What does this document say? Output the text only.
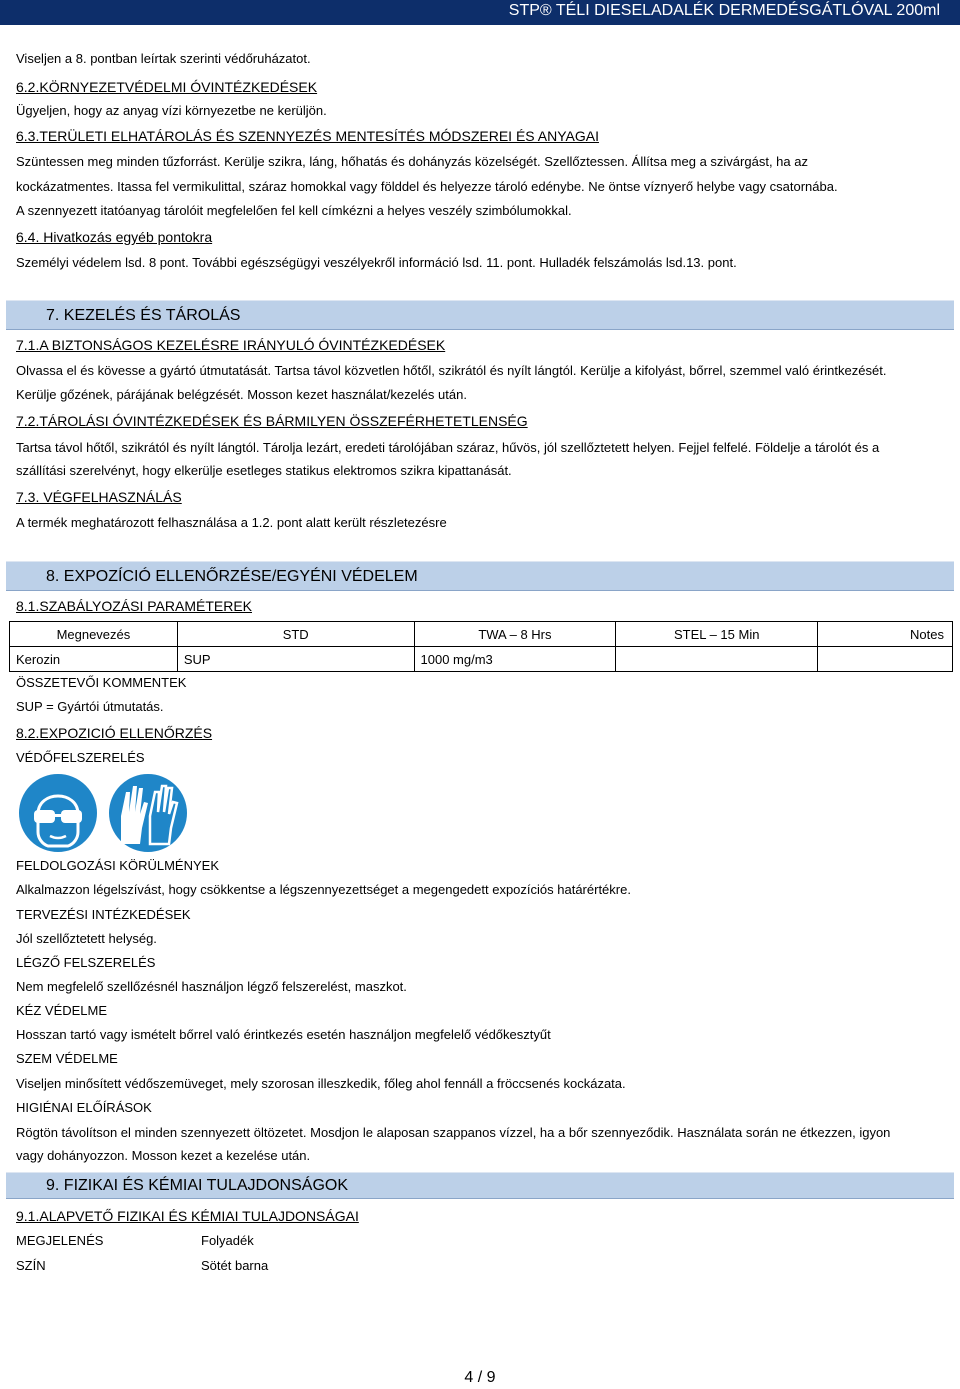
STP® TÉLI DIESELADALÉK DERMEDÉSGÁTLÓVAL 200ml
Viseljen a 8. pontban leírtak szerinti védőruházatot.
6.2.KÖRNYEZETVÉDELMI ÓVINTÉZKEDÉSEK
Ügyeljen, hogy az anyag vízi környezetbe ne kerüljön.
6.3.TERÜLETI ELHATÁROLÁS ÉS SZENNYEZÉS MENTESÍTÉS MÓDSZEREI ÉS ANYAGAI
Szüntessen meg minden tűzforrást. Kerülje szikra, láng, hőhatás és dohányzás közelségét. Szellőztessen. Állítsa meg a szivárgást, ha az
kockázatmentes. Itassa fel vermikulittal, száraz homokkal vagy földdel és helyezze tároló edénybe. Ne öntse víznyerő helybe vagy csatornába.
A szennyezett itatóanyag tárolóit megfelelően fel kell címkézni a helyes veszély szimbólumokkal.
6.4. Hivatkozás egyéb pontokra
Személyi védelem lsd. 8 pont. További egészségügyi veszélyekről információ lsd. 11. pont. Hulladék felszámolás lsd.13. pont.
7. KEZELÉS ÉS TÁROLÁS
7.1.A BIZTONSÁGOS KEZELÉSRE IRÁNYULÓ ÓVINTÉZKEDÉSEK
Olvassa el és kövesse a gyártó útmutatását. Tartsa távol közvetlen hőtől, szikrától és nyílt lángtól. Kerülje a kifolyást, bőrrel, szemmel való érintkezését.
Kerülje gőzének, párájának belégzését. Mosson kezet használat/kezelés után.
7.2.TÁROLÁSI ÓVINTÉZKEDÉSEK ÉS BÁRMILYEN ÖSSZEFÉRHETETLENSÉG
Tartsa távol hőtől, szikrától és nyílt lángtól. Tárolja lezárt, eredeti tárolójában száraz, hűvös, jól szellőztetett helyen. Fejjel felfelé. Földelje a tárolót és a
szállítási szerelvényt, hogy elkerülje esetleges statikus elektromos szikra kipattanását.
7.3. VÉGFELHASZNÁLÁS
A termék meghatározott felhasználása a 1.2. pont alatt került részletezésre
8. EXPOZÍCIÓ ELLENŐRZÉSE/EGYÉNI VÉDELEM
8.1.SZABÁLYOZÁSI PARAMÉTEREK
Megnevezés	STD	TWA – 8 Hrs	STEL – 15 Min	Notes
Kerozin	SUP	1000 mg/m3		
ÖSSZETEVŐI KOMMENTEK
SUP = Gyártói útmutatás.
8.2.EXPOZICIÓ ELLENŐRZÉS
VÉDŐFELSZERELÉS
FELDOLGOZÁSI KÖRÜLMÉNYEK
Alkalmazzon légelszívást, hogy csökkentse a légszennyezettséget a megengedett expozíciós határértékre.
TERVEZÉSI INTÉZKEDÉSEK
Jól szellőztetett helység.
LÉGZŐ FELSZERELÉS
Nem megfelelő szellőzésnél használjon légző felszerelést, maszkot.
KÉZ VÉDELME
Hosszan tartó vagy ismételt bőrrel való érintkezés esetén használjon megfelelő védőkesztyűt
SZEM VÉDELME
Viseljen minősített védőszemüveget, mely szorosan illeszkedik, főleg ahol fennáll a fröccsenés kockázata.
HIGIÉNAI ELŐÍRÁSOK
Rögtön távolítson el minden szennyezett öltözetet. Mosdjon le alaposan szappanos vízzel, ha a bőr szennyeződik. Használata során ne étkezzen, igyon
vagy dohányozzon. Mosson kezet a kezelése után.
9. FIZIKAI ÉS KÉMIAI TULAJDONSÁGOK
9.1.ALAPVETŐ FIZIKAI ÉS KÉMIAI TULAJDONSÁGAI
MEGJELENÉS	Folyadék
SZÍN	Sötét barna
4 / 9
